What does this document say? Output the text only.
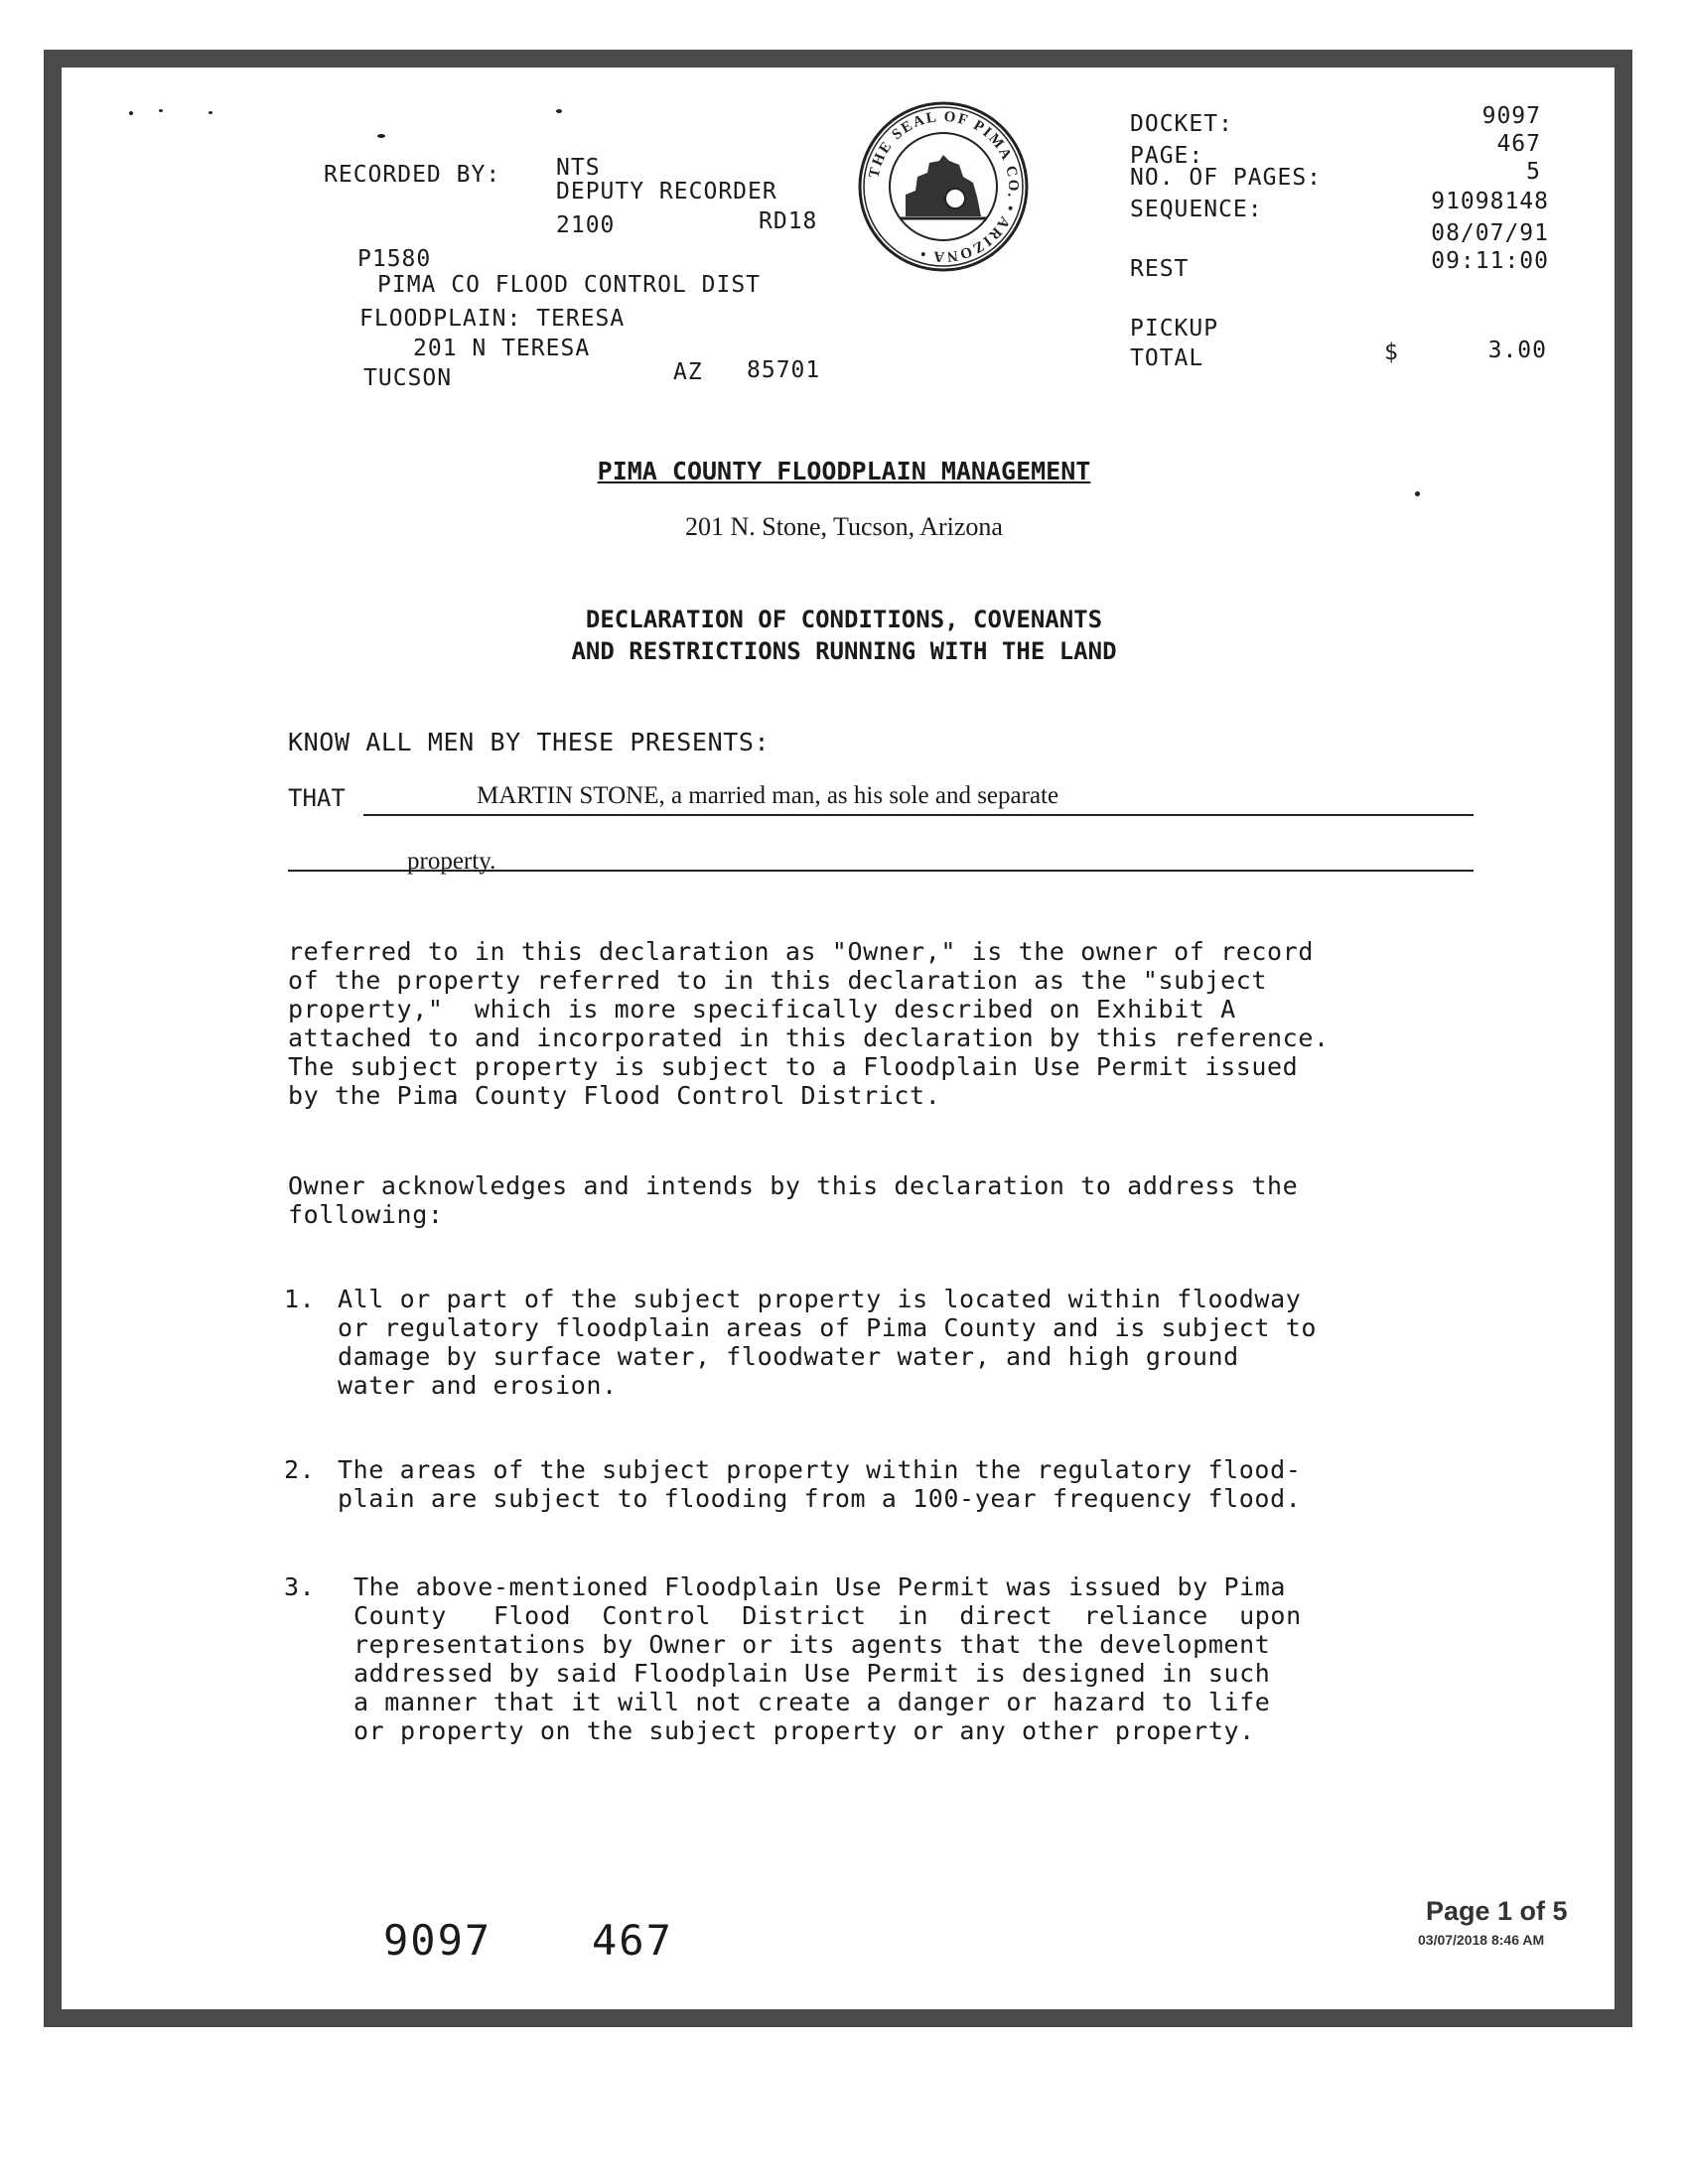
RECORDED BY: NTS
DEPUTY RECORDER
2100	RD18
P1580
PIMA CO FLOOD CONTROL DIST
FLOODPLAIN: TERESA
201 N TERESA
TUCSON	AZ 85701
THE SEAL OF PIMA CO. • ARIZONA •
DOCKET:	9097
PAGE:	467
NO. OF PAGES:	5
SEQUENCE:	91098148
08/07/91
REST	09:11:00
PICKUP
TOTAL	$	3.00
PIMA COUNTY FLOODPLAIN MANAGEMENT
201 N. Stone, Tucson, Arizona
DECLARATION OF CONDITIONS, COVENANTS
AND RESTRICTIONS RUNNING WITH THE LAND
KNOW ALL MEN BY THESE PRESENTS:
THAT	MARTIN STONE, a married man, as his sole and separate
property.
referred to in this declaration as "Owner," is the owner of record
of the property referred to in this declaration as the "subject
property,"  which is more specifically described on Exhibit A
attached to and incorporated in this declaration by this reference.
The subject property is subject to a Floodplain Use Permit issued
by the Pima County Flood Control District.
Owner acknowledges and intends by this declaration to address the
following:
1. All or part of the subject property is located within floodway
or regulatory floodplain areas of Pima County and is subject to
damage by surface water, floodwater water, and high ground
water and erosion.
2. The areas of the subject property within the regulatory flood-
plain are subject to flooding from a 100-year frequency flood.
3. The above-mentioned Floodplain Use Permit was issued by Pima
County   Flood  Control  District  in  direct  reliance  upon
representations by Owner or its agents that the development
addressed by said Floodplain Use Permit is designed in such
a manner that it will not create a danger or hazard to life
or property on the subject property or any other property.
9097 467
Page 1 of 5
03/07/2018 8:46 AM
